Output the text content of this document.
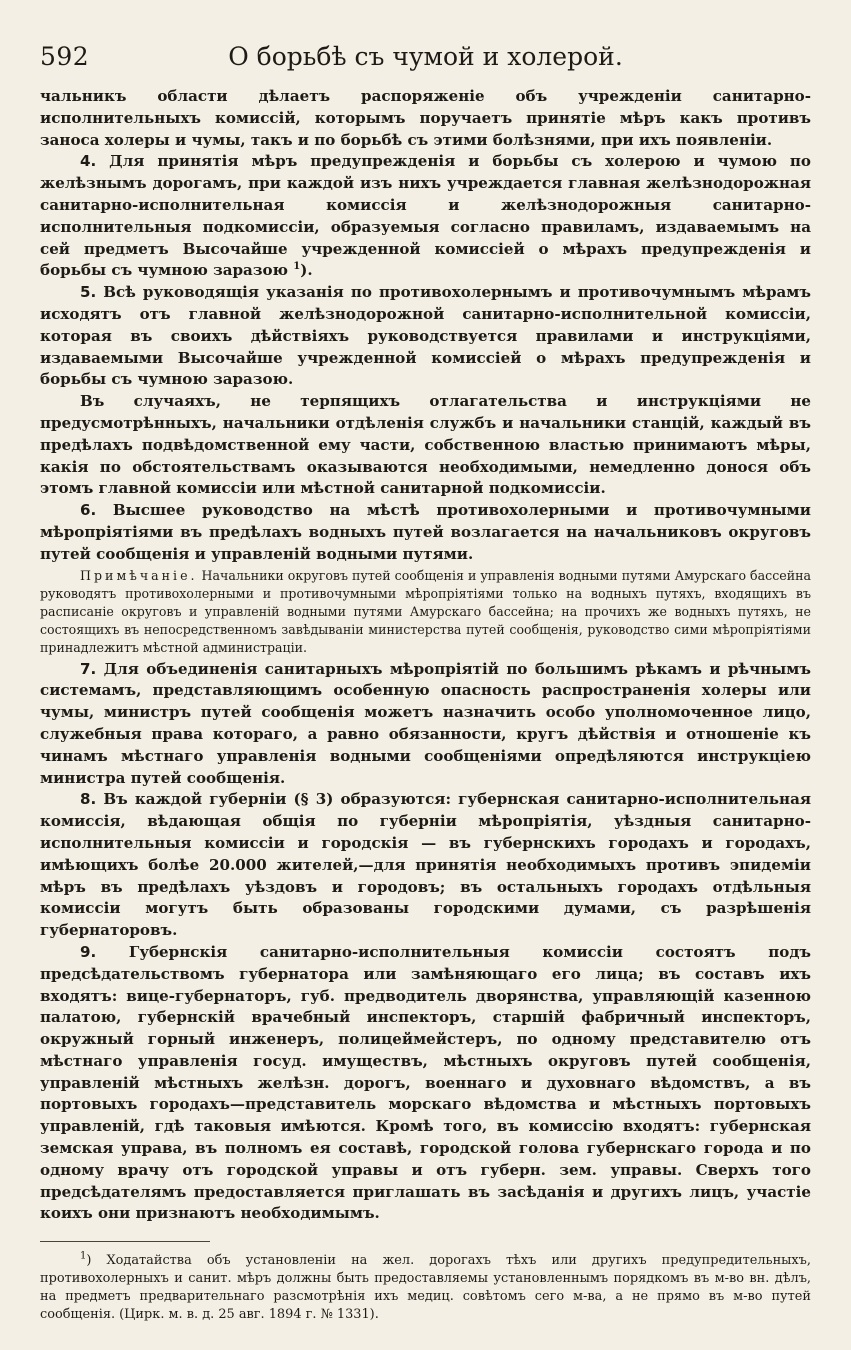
592	О борьбѣ съ чумой и холерой.

чальникъ области дѣлаетъ распоряженіе объ учрежденіи санитарно-исполнительныхъ комиссій, которымъ поручаетъ принятіе мѣръ какъ противъ заноса холеры и чумы, такъ и по борьбѣ съ этими болѣзнями, при ихъ появленіи.

4. Для принятія мѣръ предупрежденія и борьбы съ холерою и чумою по желѣзнымъ дорогамъ, при каждой изъ нихъ учреждается главная желѣзнодорожная санитарно-исполнительная комиссія и желѣзнодорожныя санитарно-исполнительныя подкомиссіи, образуемыя согласно правиламъ, издаваемымъ на сей предметъ Высочайше учрежденной комиссіей о мѣрахъ предупрежденія и борьбы съ чумною заразою $^1$).

5. Всѣ руководящія указанія по противохолернымъ и противочумнымъ мѣрамъ исходятъ отъ главной желѣзнодорожной санитарно-исполнительной комиссіи, которая въ своихъ дѣйствіяхъ руководствуется правилами и инструкціями, издаваемыми Высочайше учрежденной комиссіей о мѣрахъ предупрежденія и борьбы съ чумною заразою.

Въ случаяхъ, не терпящихъ отлагательства и инструкціями не предусмотрѣнныхъ, начальники отдѣленія службъ и начальники станцій, каждый въ предѣлахъ подвѣдомственной ему части, собственною властью принимаютъ мѣры, какія по обстоятельствамъ оказываются необходимыми, немедленно донося объ этомъ главной комиссіи или мѣстной санитарной подкомиссіи.

6. Высшее руководство на мѣстѣ противохолерными и противочумными мѣропріятіями въ предѣлахъ водныхъ путей возлагается на начальниковъ округовъ путей сообщенія и управленій водными путями.

Примѣчаніе. Начальники округовъ путей сообщенія и управленія водными путями Амурскаго бассейна руководятъ противохолерными и противочумными мѣропріятіями только на водныхъ путяхъ, входящихъ въ расписаніе округовъ и управленій водными путями Амурскаго бассейна; на прочихъ же водныхъ путяхъ, не состоящихъ въ непосредственномъ завѣдываніи министерства путей сообщенія, руководство сими мѣропріятіями принадлежитъ мѣстной администраціи.

7. Для объединенія санитарныхъ мѣропріятій по большимъ рѣкамъ и рѣчнымъ системамъ, представляющимъ особенную опасность распространенія холеры или чумы, министръ путей сообщенія можетъ назначить особо уполномоченное лицо, служебныя права котораго, а равно обязанности, кругъ дѣйствія и отношеніе къ чинамъ мѣстнаго управленія водными сообщеніями опредѣляются инструкціею министра путей сообщенія.

8. Въ каждой губерніи (§ 3) образуются: губернская санитарно-исполнительная комиссія, вѣдающая общія по губерніи мѣропріятія, уѣздныя санитарно-исполнительныя комиссіи и городскія — въ губернскихъ городахъ и городахъ, имѣющихъ болѣе 20.000 жителей,—для принятія необходимыхъ противъ эпидеміи мѣръ въ предѣлахъ уѣздовъ и городовъ; въ остальныхъ городахъ отдѣльныя комиссіи могутъ быть образованы городскими думами, съ разрѣшенія губернаторовъ.

9. Губернскія санитарно-исполнительныя комиссіи состоятъ подъ предсѣдательствомъ губернатора или замѣняющаго его лица; въ составъ ихъ входятъ: вице-губернаторъ, губ. предводитель дворянства, управляющій казенною палатою, губернскій врачебный инспекторъ, старшій фабричный инспекторъ, окружный горный инженеръ, полицеймейстеръ, по одному представителю отъ мѣстнаго управленія госуд. имуществъ, мѣстныхъ округовъ путей сообщенія, управленій мѣстныхъ желѣзн. дорогъ, военнаго и духовнаго вѣдомствъ, а въ портовыхъ городахъ—представитель морскаго вѣдомства и мѣстныхъ портовыхъ управленій, гдѣ таковыя имѣются. Кромѣ того, въ комиссію входятъ: губернская земская управа, въ полномъ ея составѣ, городской голова губернскаго города и по одному врачу отъ городской управы и отъ губерн. зем. управы. Сверхъ того предсѣдателямъ предоставляется приглашать въ засѣданія и другихъ лицъ, участіе коихъ они признаютъ необходимымъ.

$^1$) Ходатайства объ установленіи на жел. дорогахъ тѣхъ или другихъ предупредительныхъ, противохолерныхъ и санит. мѣръ должны быть предоставляемы установленнымъ порядкомъ въ м-во вн. дѣлъ, на предметъ предварительнаго разсмотрѣнія ихъ медиц. совѣтомъ сего м-ва, а не прямо въ м-во путей сообщенія. (Цирк. м. в. д. 25 авг. 1894 г. № 1331).
